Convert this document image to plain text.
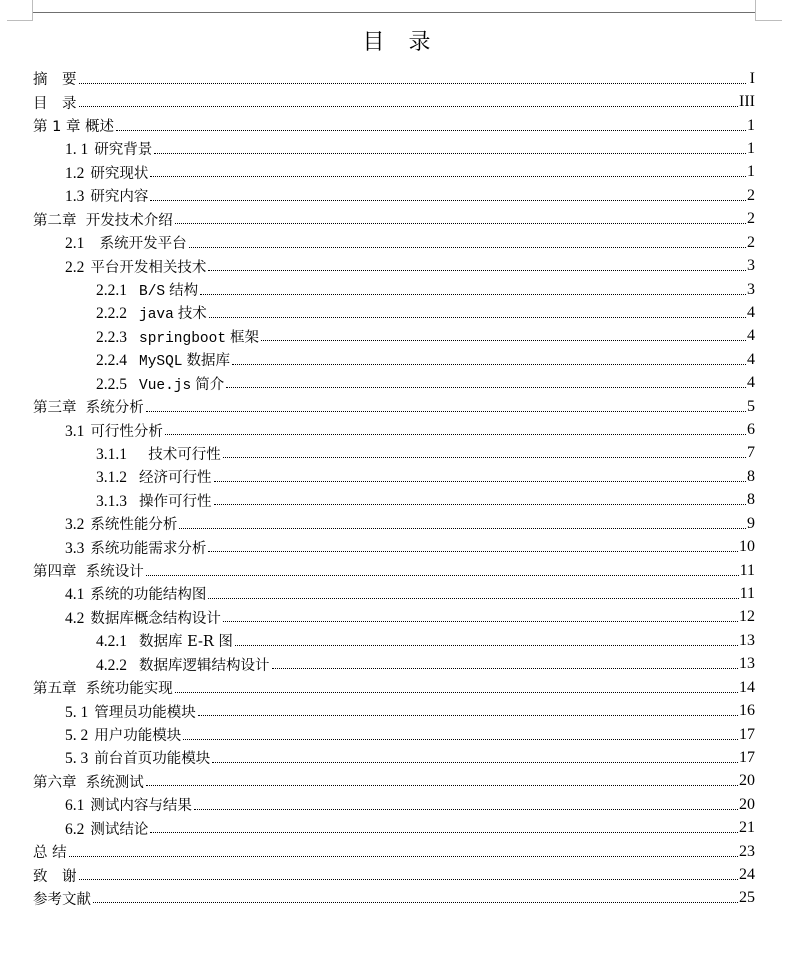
目 录
摘　要	I
目　录	III
第 1 章 概述	1
1. 1 研究背景	1
1.2 研究现状	1
1.3 研究内容	2
第二章  开发技术介绍	2
2.1  系统开发平台	2
2.2 平台开发相关技术	3
2.2.1 B/S 结构	3
2.2.2 java 技术	4
2.2.3 springboot 框架	4
2.2.4 MySQL 数据库	4
2.2.5 Vue.js 简介	4
第三章  系统分析	5
3.1 可行性分析	6
3.1.1  技术可行性	7
3.1.2 经济可行性	8
3.1.3 操作可行性	8
3.2 系统性能分析	9
3.3 系统功能需求分析	10
第四章  系统设计	11
4.1 系统的功能结构图	11
4.2 数据库概念结构设计	12
4.2.1 数据库 E-R 图	13
4.2.2 数据库逻辑结构设计	13
第五章  系统功能实现	14
5. 1 管理员功能模块	16
5. 2 用户功能模块	17
5. 3 前台首页功能模块	17
第六章  系统测试	20
6.1 测试内容与结果	20
6.2 测试结论	21
总 结	23
致　谢	24
参考文献	25
